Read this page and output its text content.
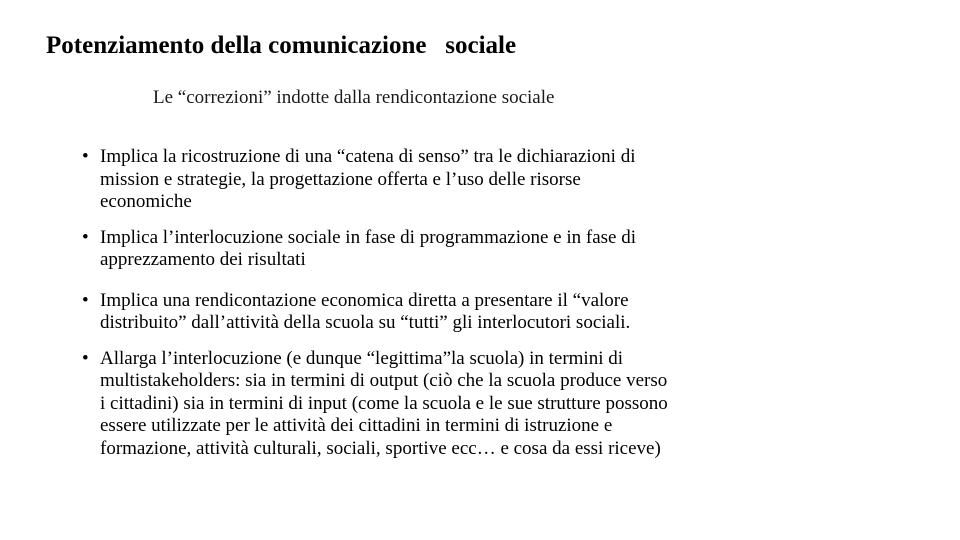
Potenziamento della comunicazione   sociale

Le “correzioni” indotte dalla rendicontazione sociale

• Implica la ricostruzione di una “catena di senso” tra le dichiarazioni di
mission e strategie, la progettazione offerta e l’uso delle risorse
economiche
• Implica l’interlocuzione sociale in fase di programmazione e in fase di
apprezzamento dei risultati
• Implica una rendicontazione economica diretta a presentare il “valore
distribuito” dall’attività della scuola su “tutti” gli interlocutori sociali.
• Allarga l’interlocuzione (e dunque “legittima”la scuola) in termini di
multistakeholders: sia in termini di output (ciò che la scuola produce verso
i cittadini) sia in termini di input (come la scuola e le sue strutture possono
essere utilizzate per le attività dei cittadini in termini di istruzione e
formazione, attività culturali, sociali, sportive ecc… e cosa da essi riceve)
